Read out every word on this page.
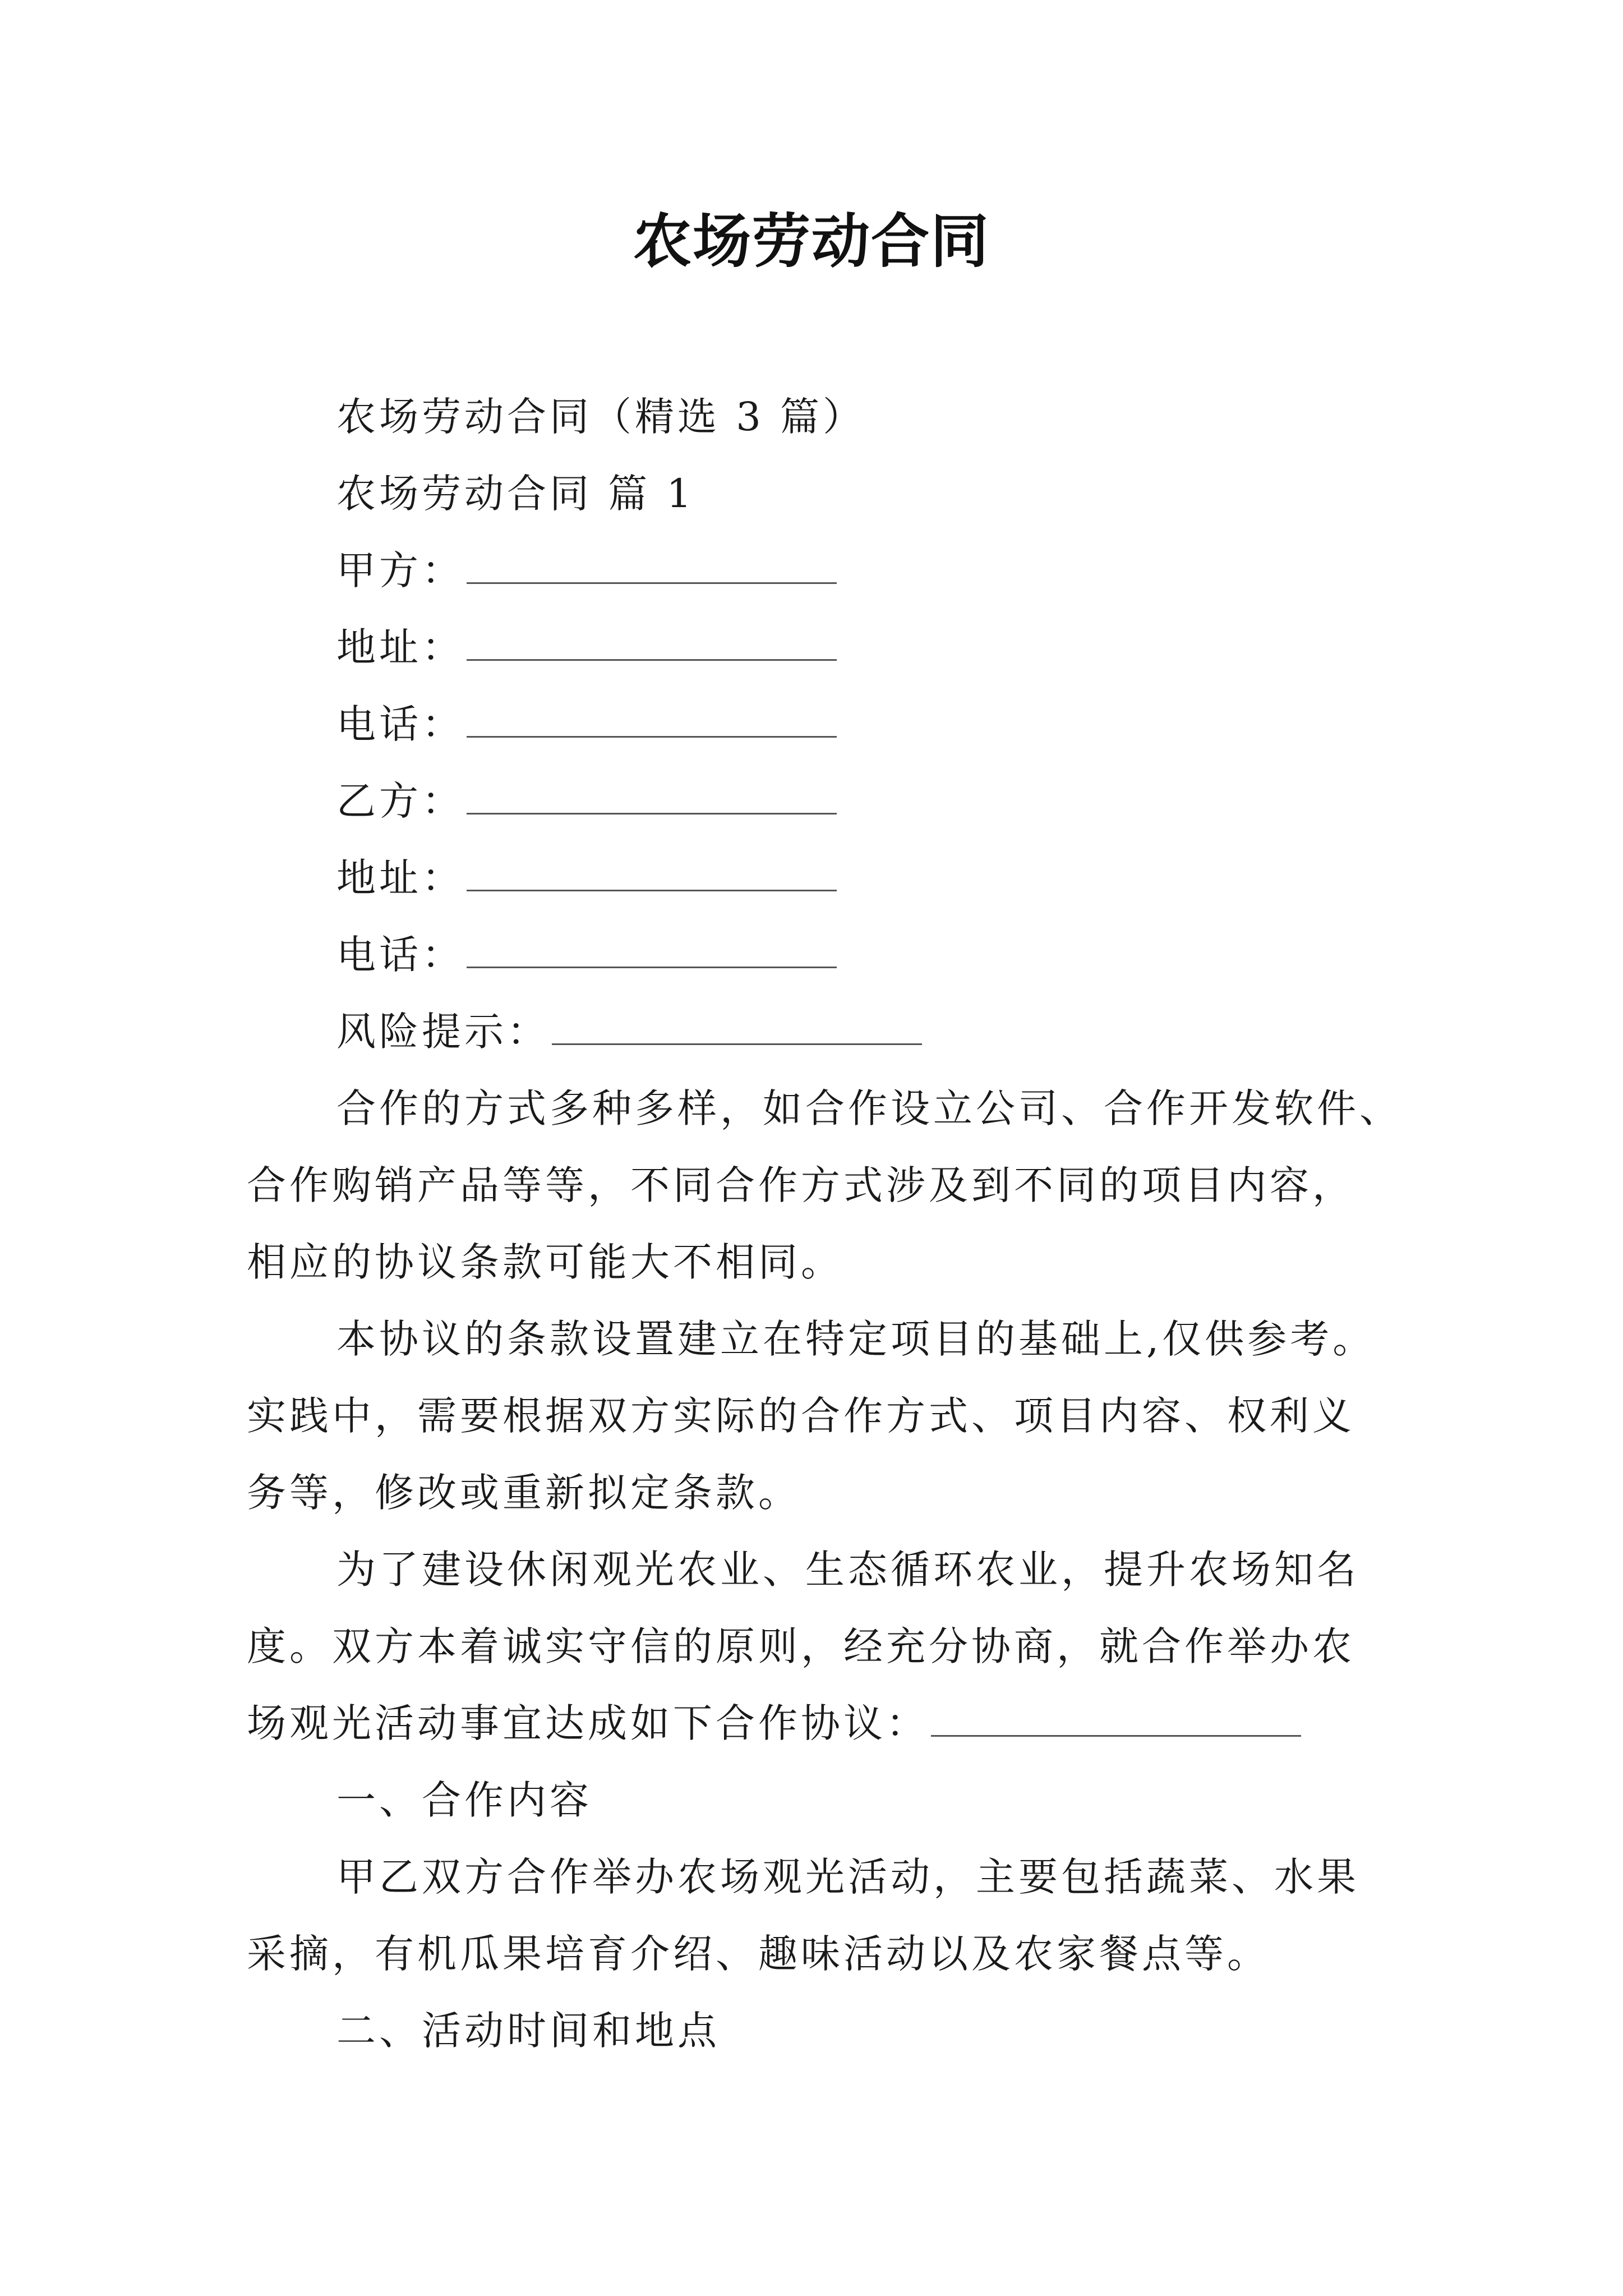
农场劳动合同

农场劳动合同（精选 3 篇）

农场劳动合同 篇 1

甲方：

地址：

电话：

乙方：

地址：

电话：

风险提示：

合作的方式多种多样，如合作设立公司、合作开发软件、

合作购销产品等等，不同合作方式涉及到不同的项目内容，

相应的协议条款可能大不相同。

本协议的条款设置建立在特定项目的基础上,仅供参考。

实践中，需要根据双方实际的合作方式、项目内容、权利义

务等，修改或重新拟定条款。

为了建设休闲观光农业、生态循环农业，提升农场知名

度。双方本着诚实守信的原则，经充分协商，就合作举办农

场观光活动事宜达成如下合作协议：

一、合作内容

甲乙双方合作举办农场观光活动，主要包括蔬菜、水果

采摘，有机瓜果培育介绍、趣味活动以及农家餐点等。

二、活动时间和地点
